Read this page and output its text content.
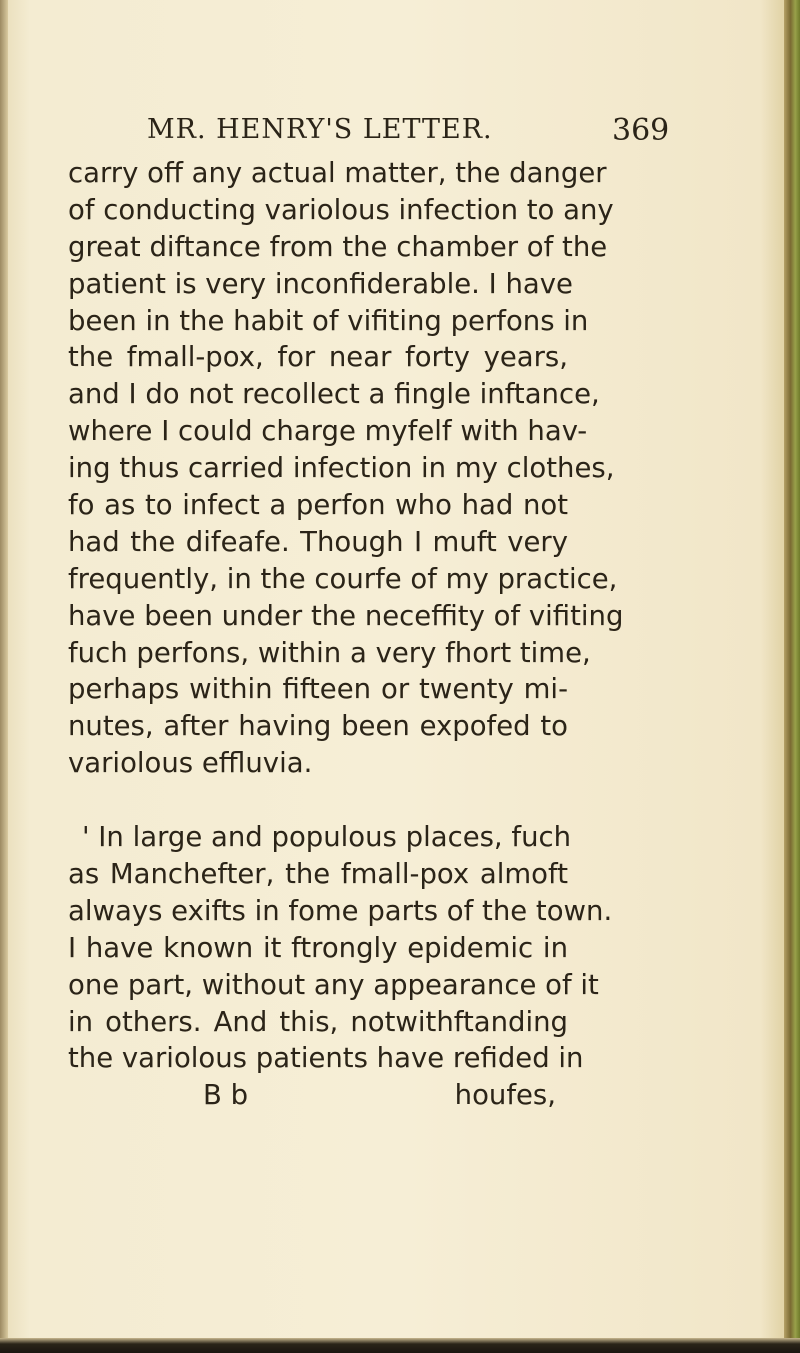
MR. HENRY'S LETTER.	369
carry off any actual matter, the danger
of conducting variolous infection to any
great diftance from the chamber of the
patient is very inconfiderable. I have
been in the habit of vifiting perfons in
the fmall-pox, for near forty years,
and I do not recollect a fingle inftance,
where I could charge myfelf with hav-
ing thus carried infection in my clothes,
fo as to infect a perfon who had not
had the difeafe. Though I muft very
frequently, in the courfe of my practice,
have been under the neceffity of vifiting
fuch perfons, within a very fhort time,
perhaps within fifteen or twenty mi-
nutes, after having been expofed to
variolous effluvia.
' In large and populous places, fuch
as Manchefter, the fmall-pox almoft
always exifts in fome parts of the town.
I have known it ftrongly epidemic in
one part, without any appearance of it
in others. And this, notwithftanding
the variolous patients have refided in
B b	houfes,
